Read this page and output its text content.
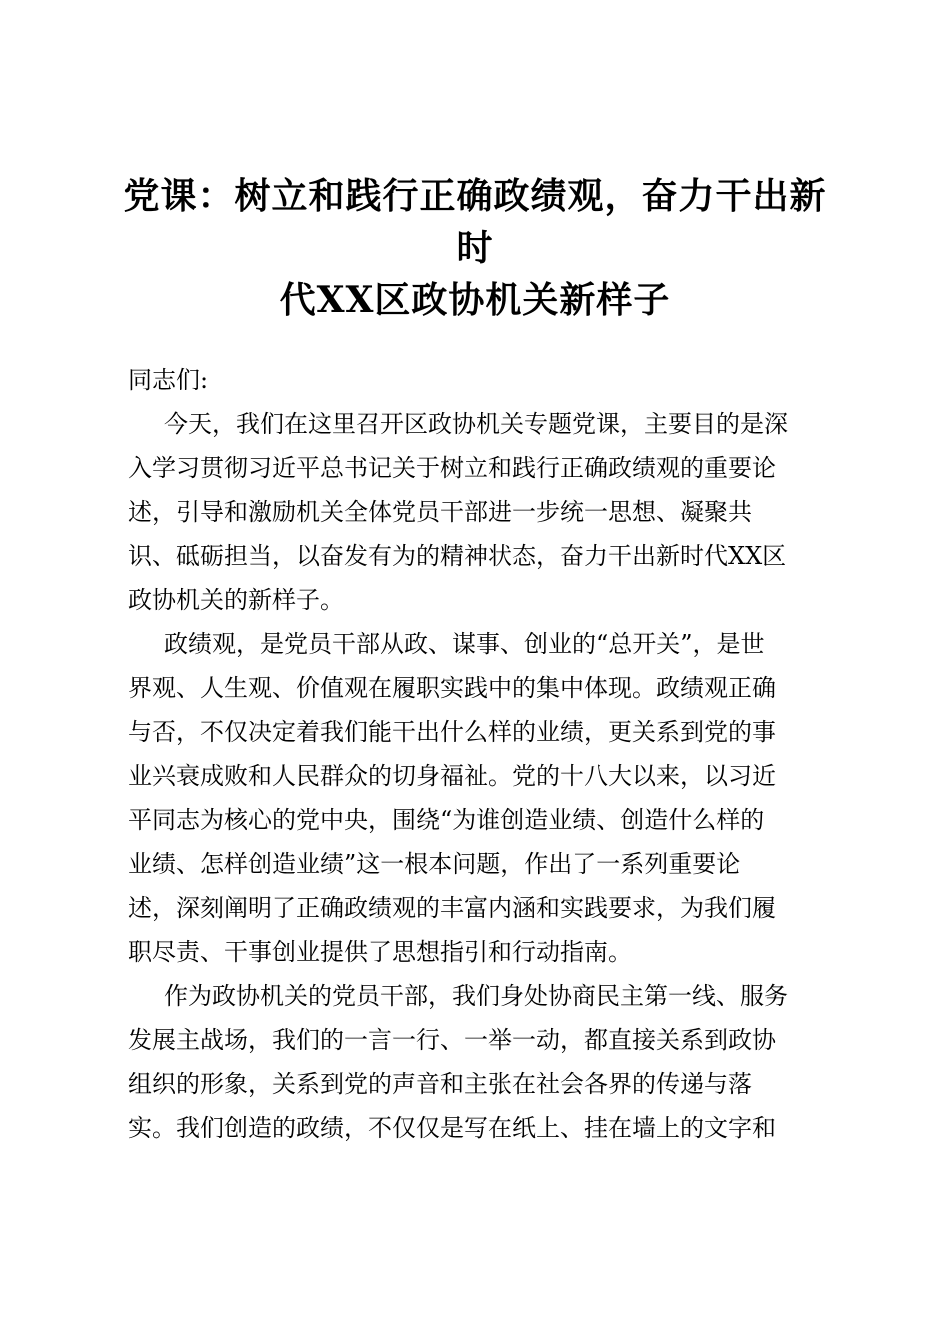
党课：树立和践行正确政绩观，奋力干出新时
代XX区政协机关新样子

同志们:

今天，我们在这里召开区政协机关专题党课，主要目的是深
入学习贯彻习近平总书记关于树立和践行正确政绩观的重要论
述，引导和激励机关全体党员干部进一步统一思想、凝聚共
识、砥砺担当，以奋发有为的精神状态，奋力干出新时代XX区
政协机关的新样子。

政绩观，是党员干部从政、谋事、创业的“总开关”，是世
界观、人生观、价值观在履职实践中的集中体现。政绩观正确
与否，不仅决定着我们能干出什么样的业绩，更关系到党的事
业兴衰成败和人民群众的切身福祉。党的十八大以来，以习近
平同志为核心的党中央，围绕“为谁创造业绩、创造什么样的
业绩、怎样创造业绩”这一根本问题，作出了一系列重要论
述，深刻阐明了正确政绩观的丰富内涵和实践要求，为我们履
职尽责、干事创业提供了思想指引和行动指南。

作为政协机关的党员干部，我们身处协商民主第一线、服务
发展主战场，我们的一言一行、一举一动，都直接关系到政协
组织的形象，关系到党的声音和主张在社会各界的传递与落
实。我们创造的政绩，不仅仅是写在纸上、挂在墙上的文字和
